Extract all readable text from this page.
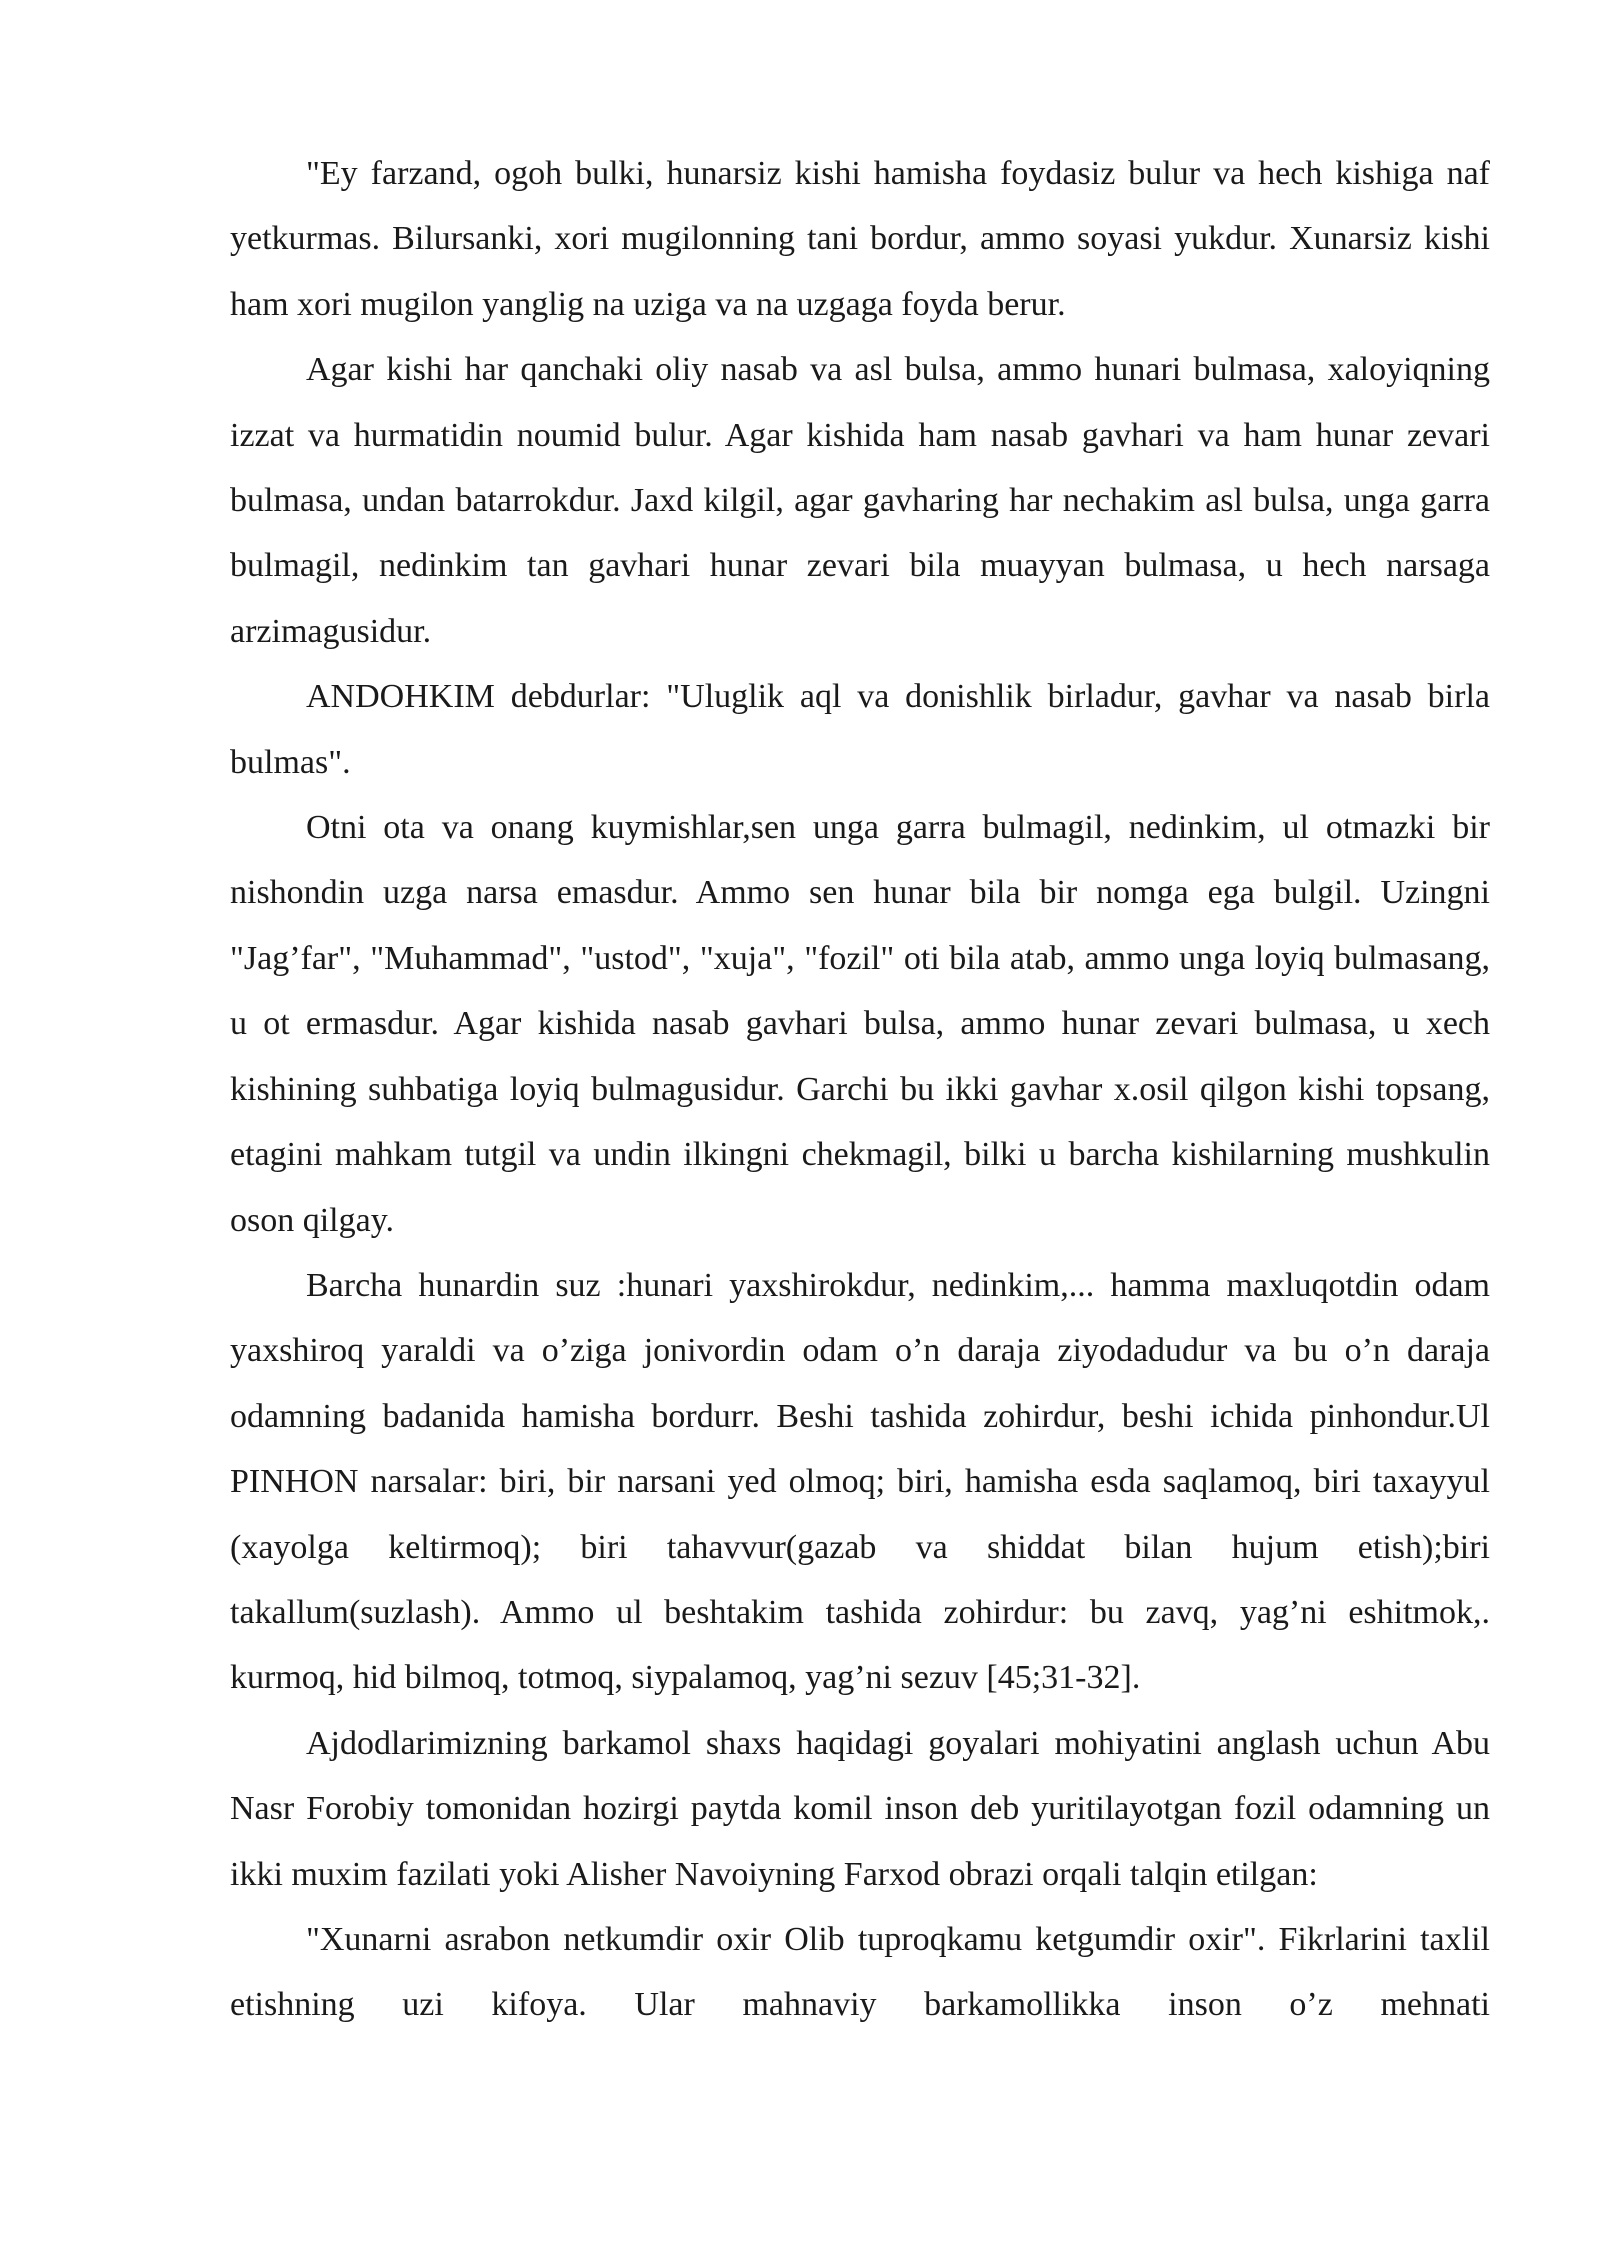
"Ey farzand, ogoh bulki, hunarsiz kishi hamisha foydasiz bulur va hech kishiga naf yetkurmas. Bilursanki, xori mugilonning tani bordur, ammo soyasi yukdur. Xunarsiz kishi ham xori mugilon yanglig na uziga va na uzgaga foyda berur.

Agar kishi har qanchaki oliy nasab va asl bulsa, ammo hunari bulmasa, xaloyiqning izzat va hurmatidin noumid bulur. Agar kishida ham nasab gavhari va ham hunar zevari bulmasa, undan batarrokdur. Jaxd kilgil, agar gavharing har nechakim asl bulsa, unga garra bulmagil, nedinkim tan gavhari hunar zevari bila muayyan bulmasa, u hech narsaga arzimagusidur.

ANDOHKIM debdurlar: "Uluglik aql va donishlik birladur, gavhar va nasab birla bulmas".

Otni ota va onang kuymishlar,sen unga garra bulmagil, nedinkim, ul otmazki bir nishondin uzga narsa emasdur. Ammo sen hunar bila bir nomga ega bulgil. Uzingni "Jag’far", "Muhammad", "ustod", "xuja", "fozil" oti bila atab, ammo unga loyiq bulmasang, u ot ermasdur. Agar kishida nasab gavhari bulsa, ammo hunar zevari bulmasa, u xech kishining suhbatiga loyiq bulmagusidur. Garchi bu ikki gavhar x.osil qilgon kishi topsang, etagini mahkam tutgil va undin ilkingni chekmagil, bilki u barcha kishilarning mushkulin oson qilgay.

Barcha hunardin suz :hunari yaxshirokdur, nedinkim,... hamma maxluqotdin odam yaxshiroq yaraldi va o’ziga jonivordin odam o’n daraja ziyodadudur va bu o’n daraja odamning badanida hamisha bordurr. Beshi tashida zohirdur, beshi ichida pinhondur.Ul PINHON narsalar: biri, bir narsani yed olmoq; biri, hamisha esda saqlamoq, biri taxayyul (xayolga keltirmoq); biri tahavvur(gazab va shiddat bilan hujum etish);biri takallum(suzlash). Ammo ul beshtakim tashida zohirdur: bu zavq, yag’ni eshitmok,. kurmoq, hid bilmoq, totmoq, siypalamoq, yag’ni sezuv [45;31-32].

Ajdodlarimizning barkamol shaxs haqidagi goyalari mohiyatini anglash uchun Abu Nasr Forobiy tomonidan hozirgi paytda komil inson deb yuritilayotgan fozil odamning un ikki muxim fazilati yoki Alisher Navoiyning Farxod obrazi orqali talqin etilgan:

"Xunarni asrabon netkumdir oxir Olib tuproqkamu ketgumdir oxir". Fikrlarini taxlil etishning uzi kifoya. Ular mahnaviy barkamollikka inson o’z mehnati
